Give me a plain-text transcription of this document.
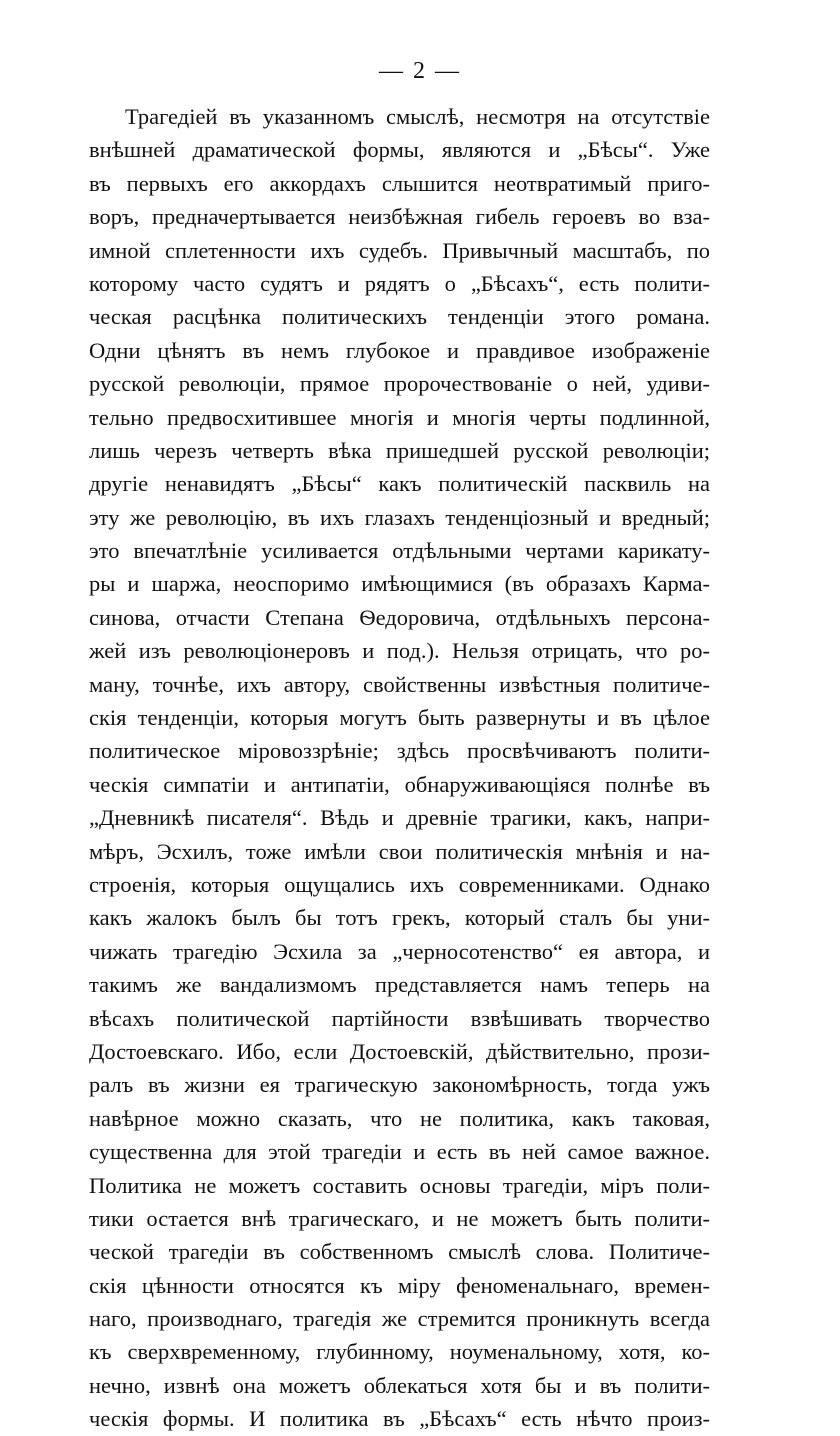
— 2 —
Трагедіей въ указанномъ смыслѣ, несмотря на отсутствіе
внѣшней драматической формы, являются и „Бѣсы“. Уже
въ первыхъ его аккордахъ слышится неотвратимый приго-
воръ, предначертывается неизбѣжная гибель героевъ во вза-
имной сплетенности ихъ судебъ. Привычный масштабъ, по
которому часто судятъ и рядятъ о „Бѣсахъ“, есть полити-
ческая расцѣнка политическихъ тенденціи этого романа.
Одни цѣнятъ въ немъ глубокое и правдивое изображеніе
русской революціи, прямое пророчествованіе о ней, удиви-
тельно предвосхитившее многія и многія черты подлинной,
лишь черезъ четверть вѣка пришедшей русской революціи;
другіе ненавидятъ „Бѣсы“ какъ политическій пасквиль на
эту же революцію, въ ихъ глазахъ тенденціозный и вредный;
это впечатлѣніе усиливается отдѣльными чертами карикату-
ры и шаржа, неоспоримо имѣющимися (въ образахъ Карма-
синова, отчасти Степана Ѳедоровича, отдѣльныхъ персона-
жей изъ революціонеровъ и под.). Нельзя отрицать, что ро-
ману, точнѣе, ихъ автору, свойственны извѣстныя политиче-
скія тенденціи, которыя могутъ быть развернуты и въ цѣлое
политическое міровоззрѣніе; здѣсь просвѣчиваютъ полити-
ческія симпатіи и антипатіи, обнаруживающіяся полнѣе въ
„Дневникѣ писателя“. Вѣдь и древніе трагики, какъ, напри-
мѣръ, Эсхилъ, тоже имѣли свои политическія мнѣнія и на-
строенія, которыя ощущались ихъ современниками. Однако
какъ жалокъ былъ бы тотъ грекъ, который сталъ бы уни-
чижать трагедію Эсхила за „черносотенство“ ея автора, и
такимъ же вандализмомъ представляется намъ теперь на
вѣсахъ политической партійности взвѣшивать творчество
Достоевскаго. Ибо, если Достоевскій, дѣйствительно, прози-
ралъ въ жизни ея трагическую закономѣрность, тогда ужъ
навѣрное можно сказать, что не политика, какъ таковая,
существенна для этой трагедіи и есть въ ней самое важное.
Политика не можетъ составить основы трагедіи, міръ поли-
тики остается внѣ трагическаго, и не можетъ быть полити-
ческой трагедіи въ собственномъ смыслѣ слова. Политиче-
скія цѣнности относятся къ міру феноменальнаго, времен-
наго, производнаго, трагедія же стремится проникнуть всегда
къ сверхвременному, глубинному, ноуменальному, хотя, ко-
нечно, извнѣ она можетъ облекаться хотя бы и въ полити-
ческія формы. И политика въ „Бѣсахъ“ есть нѣчто произ-
